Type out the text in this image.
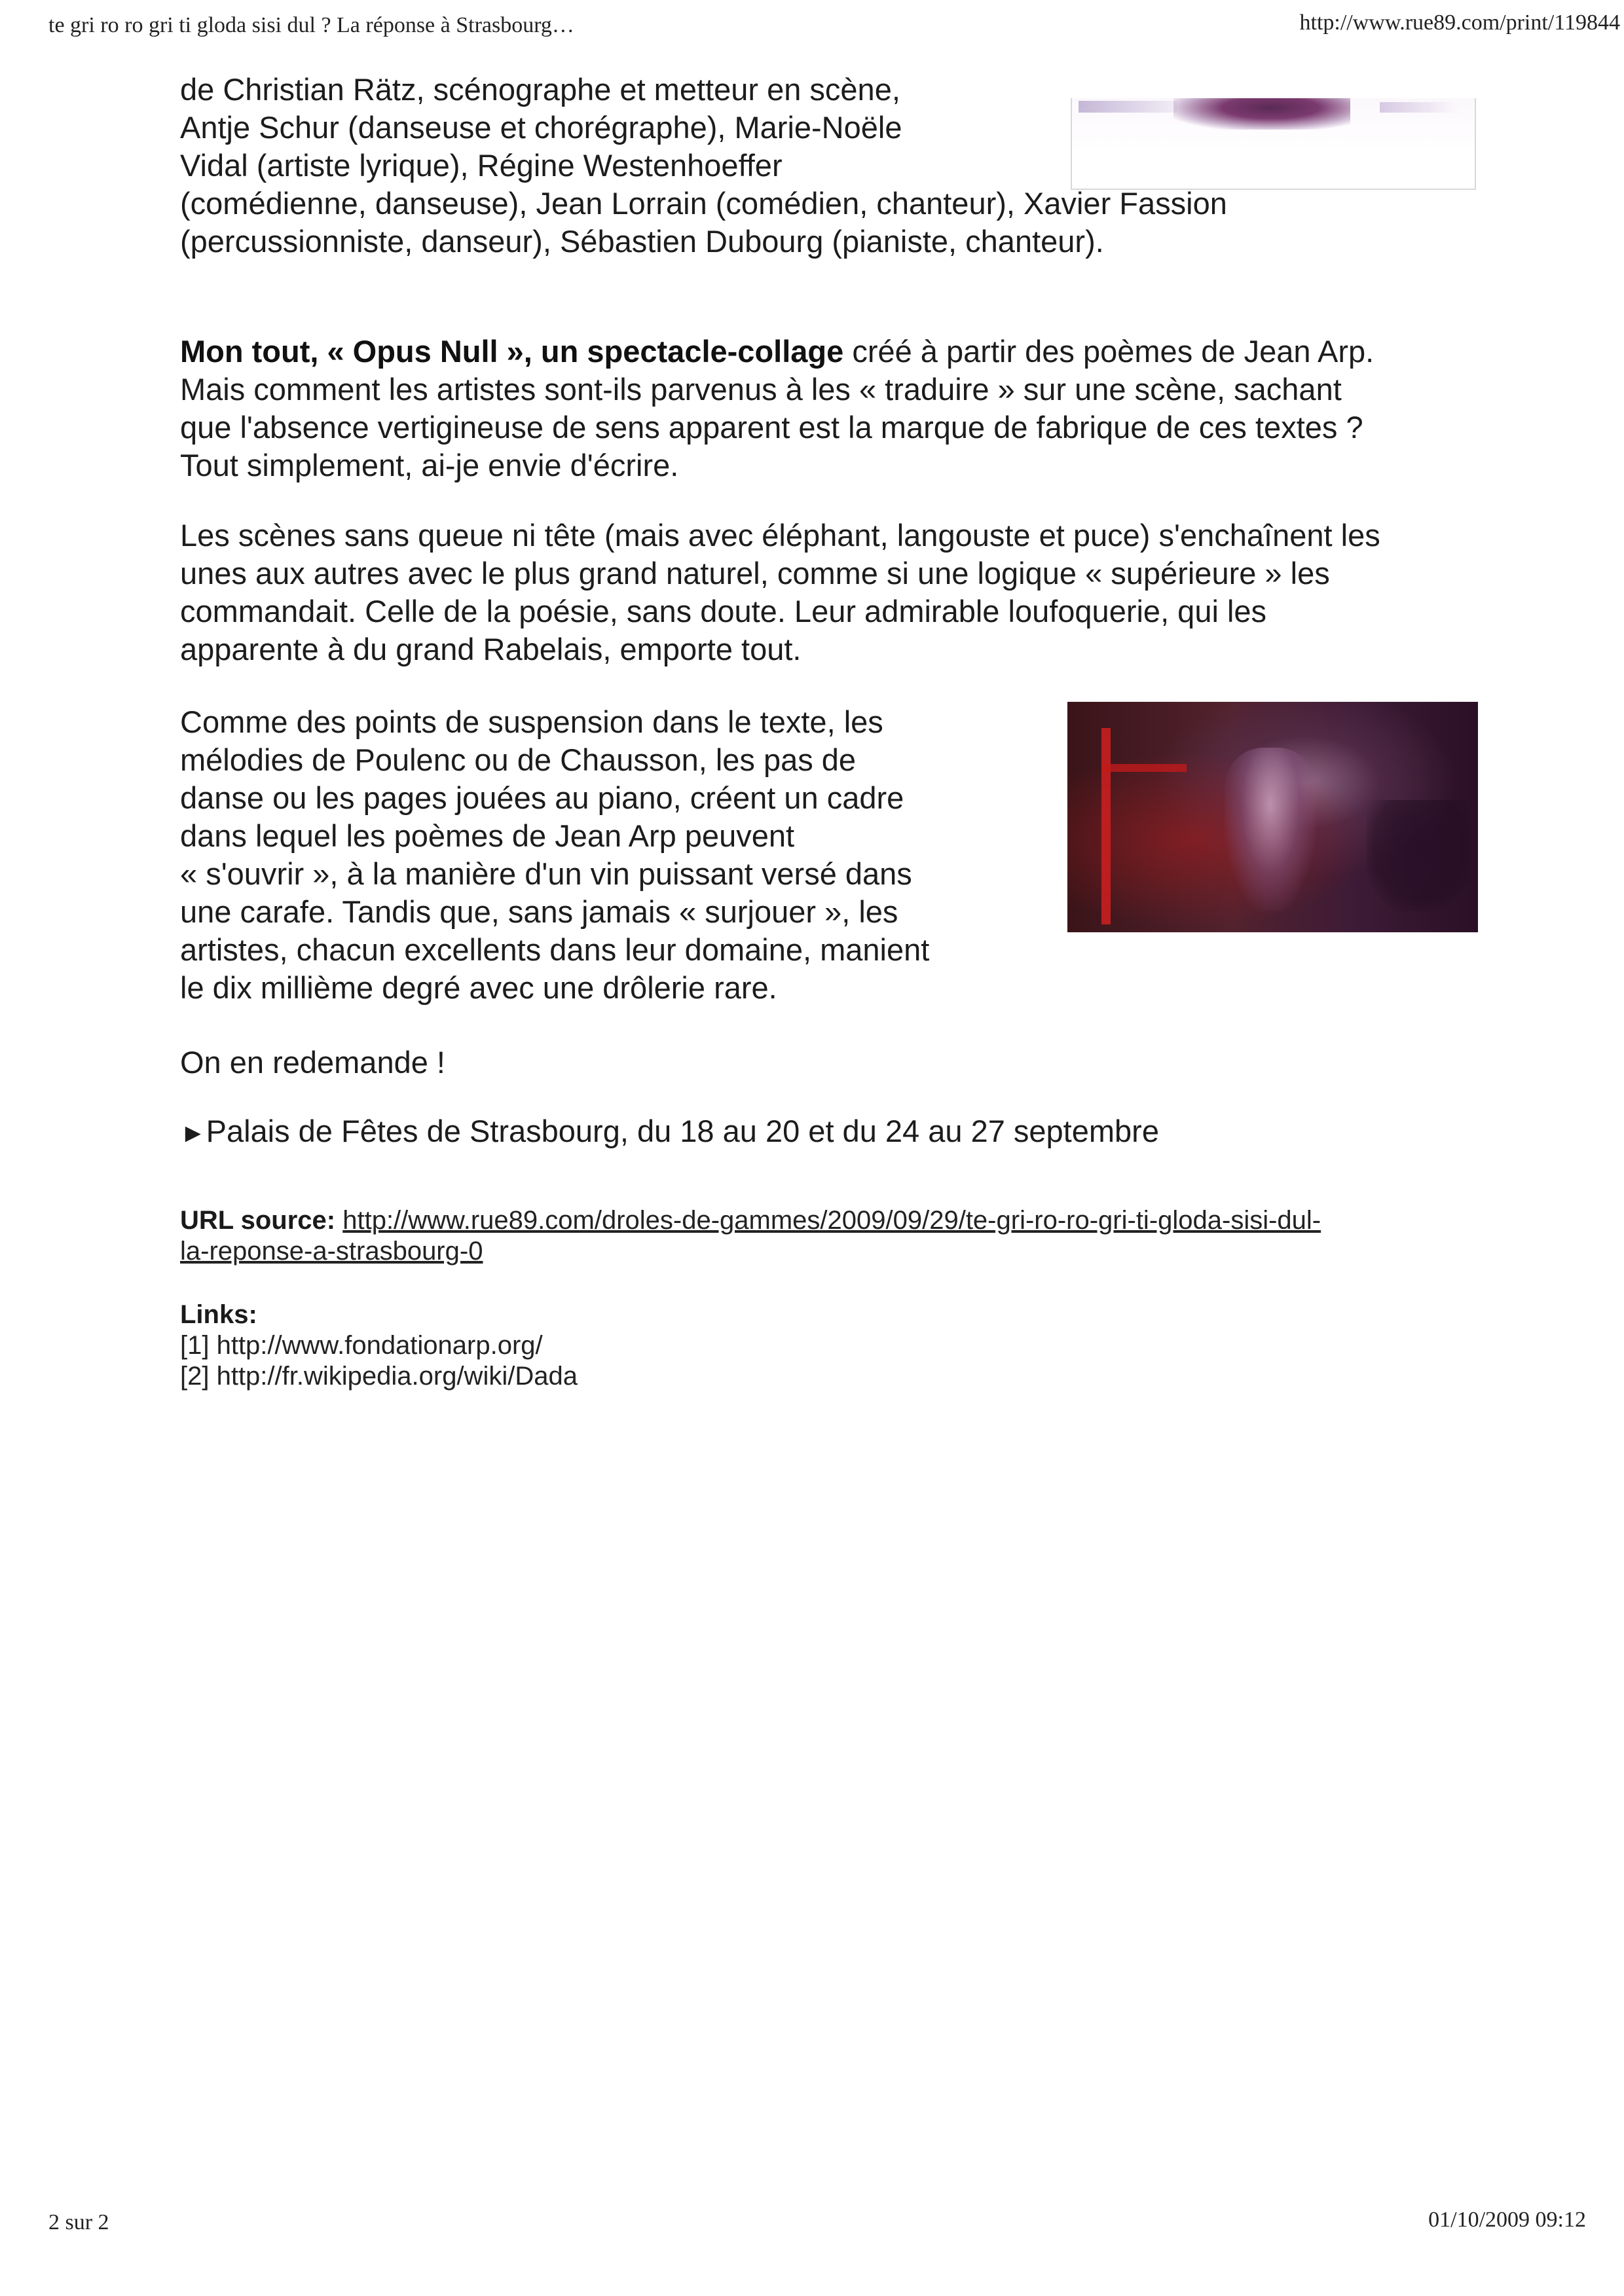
te gri ro ro gri ti gloda sisi dul ? La réponse à Strasbourg…	http://www.rue89.com/print/119844

de Christian Rätz, scénographe et metteur en scène,
Antje Schur (danseuse et chorégraphe), Marie-Noële
Vidal (artiste lyrique), Régine Westenhoeffer
(comédienne, danseuse), Jean Lorrain (comédien, chanteur), Xavier Fassion
(percussionniste, danseur), Sébastien Dubourg (pianiste, chanteur).

Mon tout, « Opus Null », un spectacle-collage créé à partir des poèmes de Jean Arp.
Mais comment les artistes sont-ils parvenus à les « traduire » sur une scène, sachant
que l'absence vertigineuse de sens apparent est la marque de fabrique de ces textes ?
Tout simplement, ai-je envie d'écrire.

Les scènes sans queue ni tête (mais avec éléphant, langouste et puce) s'enchaînent les
unes aux autres avec le plus grand naturel, comme si une logique « supérieure » les
commandait. Celle de la poésie, sans doute. Leur admirable loufoquerie, qui les
apparente à du grand Rabelais, emporte tout.

Comme des points de suspension dans le texte, les
mélodies de Poulenc ou de Chausson, les pas de
danse ou les pages jouées au piano, créent un cadre
dans lequel les poèmes de Jean Arp peuvent
« s'ouvrir », à la manière d'un vin puissant versé dans
une carafe. Tandis que, sans jamais « surjouer », les
artistes, chacun excellents dans leur domaine, manient
le dix millième degré avec une drôlerie rare.

On en redemande !

►Palais de Fêtes de Strasbourg, du 18 au 20 et du 24 au 27 septembre

URL source: http://www.rue89.com/droles-de-gammes/2009/09/29/te-gri-ro-ro-gri-ti-gloda-sisi-dul-
la-reponse-a-strasbourg-0
Links:
[1] http://www.fondationarp.org/
[2] http://fr.wikipedia.org/wiki/Dada
2 sur 2	01/10/2009 09:12
